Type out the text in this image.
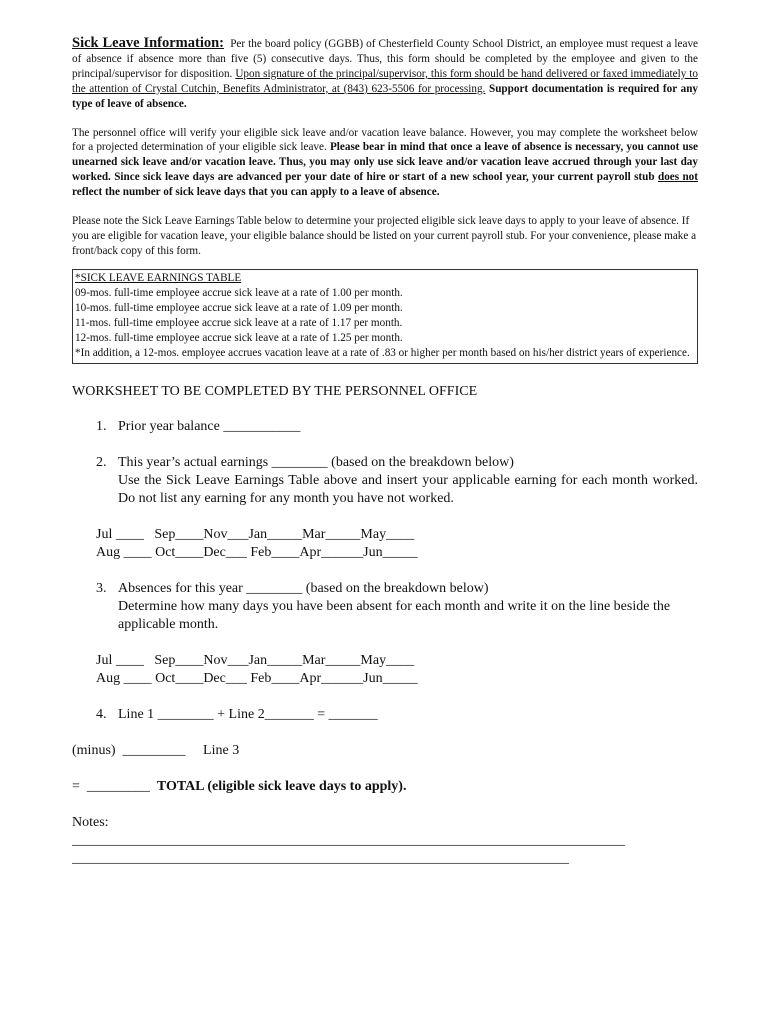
Sick Leave Information: Per the board policy (GGBB) of Chesterfield County School District, an employee must request a leave of absence if absence more than five (5) consecutive days. Thus, this form should be completed by the employee and given to the principal/supervisor for disposition. Upon signature of the principal/supervisor, this form should be hand delivered or faxed immediately to the attention of Crystal Cutchin, Benefits Administrator, at (843) 623-5506 for processing. Support documentation is required for any type of leave of absence.

The personnel office will verify your eligible sick leave and/or vacation leave balance. However, you may complete the worksheet below for a projected determination of your eligible sick leave. Please bear in mind that once a leave of absence is necessary, you cannot use unearned sick leave and/or vacation leave. Thus, you may only use sick leave and/or vacation leave accrued through your last day worked. Since sick leave days are advanced per your date of hire or start of a new school year, your current payroll stub does not reflect the number of sick leave days that you can apply to a leave of absence.

Please note the Sick Leave Earnings Table below to determine your projected eligible sick leave days to apply to your leave of absence. If you are eligible for vacation leave, your eligible balance should be listed on your current payroll stub. For your convenience, please make a front/back copy of this form.

*SICK LEAVE EARNINGS TABLE
09-mos. full-time employee accrue sick leave at a rate of 1.00 per month.
10-mos. full-time employee accrue sick leave at a rate of 1.09 per month.
11-mos. full-time employee accrue sick leave at a rate of 1.17 per month.
12-mos. full-time employee accrue sick leave at a rate of 1.25 per month.
*In addition, a 12-mos. employee accrues vacation leave at a rate of .83 or higher per month based on his/her district years of experience.
WORKSHEET TO BE COMPLETED BY THE PERSONNEL OFFICE
1. Prior year balance ___________
2. This year’s actual earnings ________ (based on the breakdown below)
Use the Sick Leave Earnings Table above and insert your applicable earning for each month worked. Do not list any earning for any month you have not worked.
Jul ____   Sep____Nov___Jan_____Mar_____May____
Aug ____ Oct____Dec___ Feb____Apr______Jun_____
3. Absences for this year ________ (based on the breakdown below)
Determine how many days you have been absent for each month and write it on the line beside the applicable month.
Jul ____   Sep____Nov___Jan_____Mar_____May____
Aug ____ Oct____Dec___ Feb____Apr______Jun_____
4. Line 1 ________ + Line 2_______ = _______
(minus)  _________     Line 3
=  _________  TOTAL (eligible sick leave days to apply).
Notes:
_______________________________________________________________________________
_______________________________________________________________________
